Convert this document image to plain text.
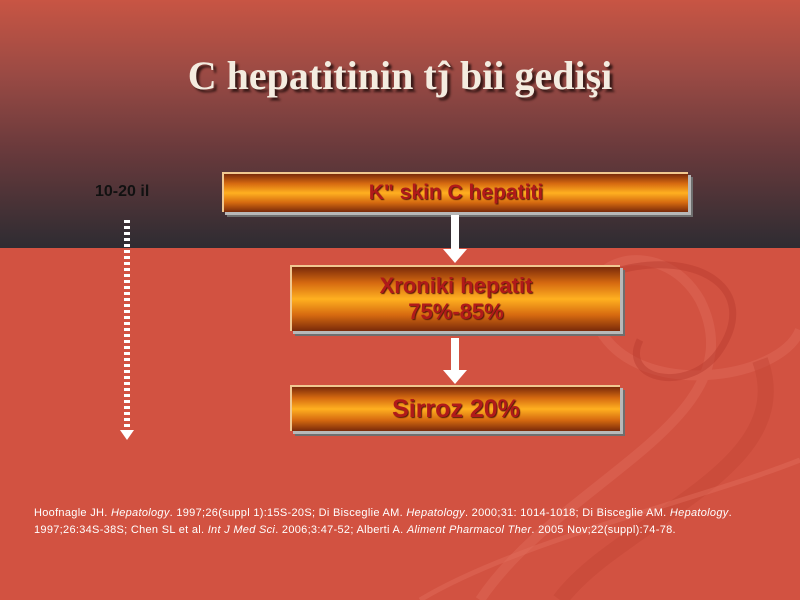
C hepatitinin tĵ bii gedişi
10-20 il	K" skin C hepatiti
Xroniki hepatit
75%-85%
Sirroz 20%
Hoofnagle JH. Hepatology. 1997;26(suppl 1):15S-20S; Di Bisceglie AM. Hepatology. 2000;31: 1014-1018; Di Bisceglie AM. Hepatology. 1997;26:34S-38S; Chen SL et al. Int J Med Sci. 2006;3:47-52; Alberti A. Aliment Pharmacol Ther. 2005 Nov;22(suppl):74-78.
